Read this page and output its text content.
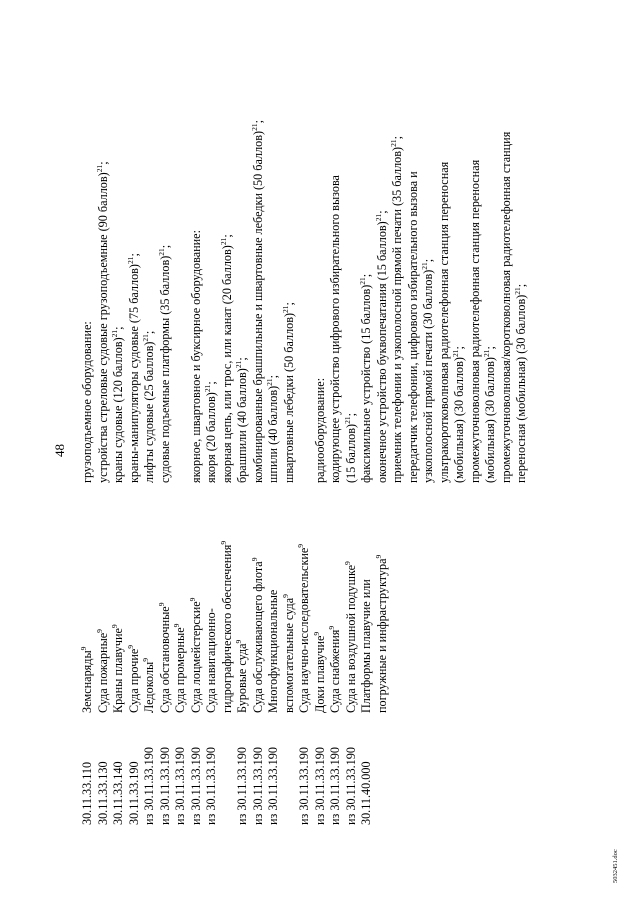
48
30.11.33.110 30.11.33.130 30.11.33.140 30.11.33.190 из 30.11.33.190 из 30.11.33.190 из 30.11.33.190 из 30.11.33.190 из 30.11.33.190 из 30.11.33.190 из 30.11.33.190 из 30.11.33.190 из 30.11.33.190 из 30.11.33.190 из 30.11.33.190 из 30.11.33.190 30.11.40.000
Земснаряды$^9$ Суда пожарные$^9$ Краны плавучие$^9$
Суда прочие$^9$
Ледоколы$^9$ Суда обстановочные$^9$
Суда промерные$^9$ Суда лоцмейстерские$^9$
Суда навигационно- гидрографического обеспечения$^9$
Буровые суда$^9$ Суда обслуживающего флота$^9$
Многофункциональные вспомогательные суда$^9$ Суда научно-исследовательские$^9$
Доки плавучие$^9$ Суда снабжения$^9$ Суда на воздушной подушке$^9$
Платформы плавучие или погружные и инфраструктура$^9$
грузоподъемное оборудование: устройства стреловые судовые грузоподъемные (90 баллов)$^{21}$;
краны судовые (120 баллов)$^{21}$; краны-манипуляторы судовые (75 баллов)$^{21}$;
лифты судовые (25 баллов)$^{21}$; судовые подъемные платформы (35 баллов)$^{21}$; якорное, швартовное и буксирное оборудование: якоря (20 баллов)$^{21}$; якорная цепь, или трос, или канат (20 баллов)$^{21}$;
брашпили (40 баллов)$^{21}$; комбинированные брашпильные и швартовные лебедки (50 баллов)$^{21}$;
шпили (40 баллов)$^{21}$; швартовные лебедки (50 баллов)$^{21}$;
радиооборудование: кодирующее устройство цифрового избирательного вызова (15 баллов)$^{21}$; факсимильное устройство (15 баллов)$^{21}$; оконечное устройство буквопечатания (15 баллов)$^{21}$; приемник телефонии и узкополосной прямой печати (35 баллов)$^{21}$;
передатчик телефонии, цифрового избирательного вызова и узкополосной прямой печати (30 баллов)$^{21}$; ультракоротковолновая радиотелефонная станция переносная (мобильная) (30 баллов)$^{21}$; промежуточноволновая радиотелефонная станция переносная (мобильная) (30 баллов)$^{21}$; промежуточноволновая/коротковолновая радиотелефонная станция переносная (мобильная) (30 баллов)$^{21}$;
5032451.doc
